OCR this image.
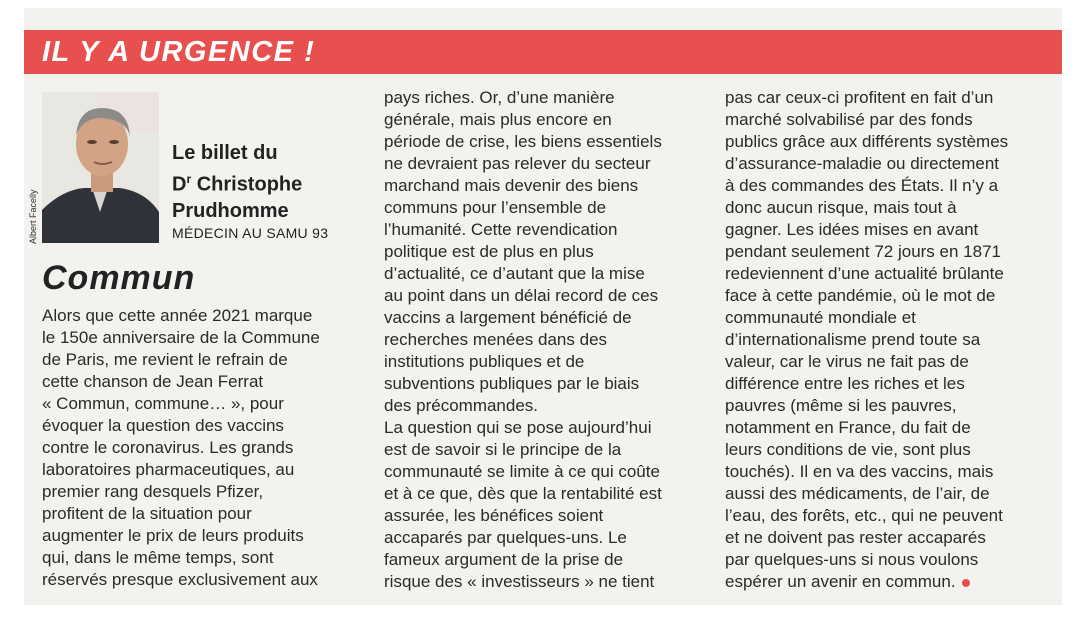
IL Y A URGENCE !
Albert Facelly
Le billet du
$D^r$ Christophe
Prudhomme
MÉDECIN AU SAMU 93
Commun
Alors que cette année 2021 marque
le 150e anniversaire de la Commune
de Paris, me revient le refrain de
cette chanson de Jean Ferrat
« Commun, commune… », pour
évoquer la question des vaccins
contre le coronavirus. Les grands
laboratoires pharmaceutiques, au
premier rang desquels Pfizer,
profitent de la situation pour
augmenter le prix de leurs produits
qui, dans le même temps, sont
réservés presque exclusivement aux
pays riches. Or, d’une manière
générale, mais plus encore en
période de crise, les biens essentiels
ne devraient pas relever du secteur
marchand mais devenir des biens
communs pour l’ensemble de
l’humanité. Cette revendication
politique est de plus en plus
d’actualité, ce d’autant que la mise
au point dans un délai record de ces
vaccins a largement bénéficié de
recherches menées dans des
institutions publiques et de
subventions publiques par le biais
des précommandes.
La question qui se pose aujourd’hui
est de savoir si le principe de la
communauté se limite à ce qui coûte
et à ce que, dès que la rentabilité est
assurée, les bénéfices soient
accaparés par quelques-uns. Le
fameux argument de la prise de
risque des « investisseurs » ne tient
pas car ceux-ci profitent en fait d’un
marché solvabilisé par des fonds
publics grâce aux différents systèmes
d’assurance-maladie ou directement
à des commandes des États. Il n’y a
donc aucun risque, mais tout à
gagner. Les idées mises en avant
pendant seulement 72 jours en 1871
redeviennent d’une actualité brûlante
face à cette pandémie, où le mot de
communauté mondiale et
d’internationalisme prend toute sa
valeur, car le virus ne fait pas de
différence entre les riches et les
pauvres (même si les pauvres,
notamment en France, du fait de
leurs conditions de vie, sont plus
touchés). Il en va des vaccins, mais
aussi des médicaments, de l’air, de
l’eau, des forêts, etc., qui ne peuvent
et ne doivent pas rester accaparés
par quelques-uns si nous voulons
espérer un avenir en commun.
